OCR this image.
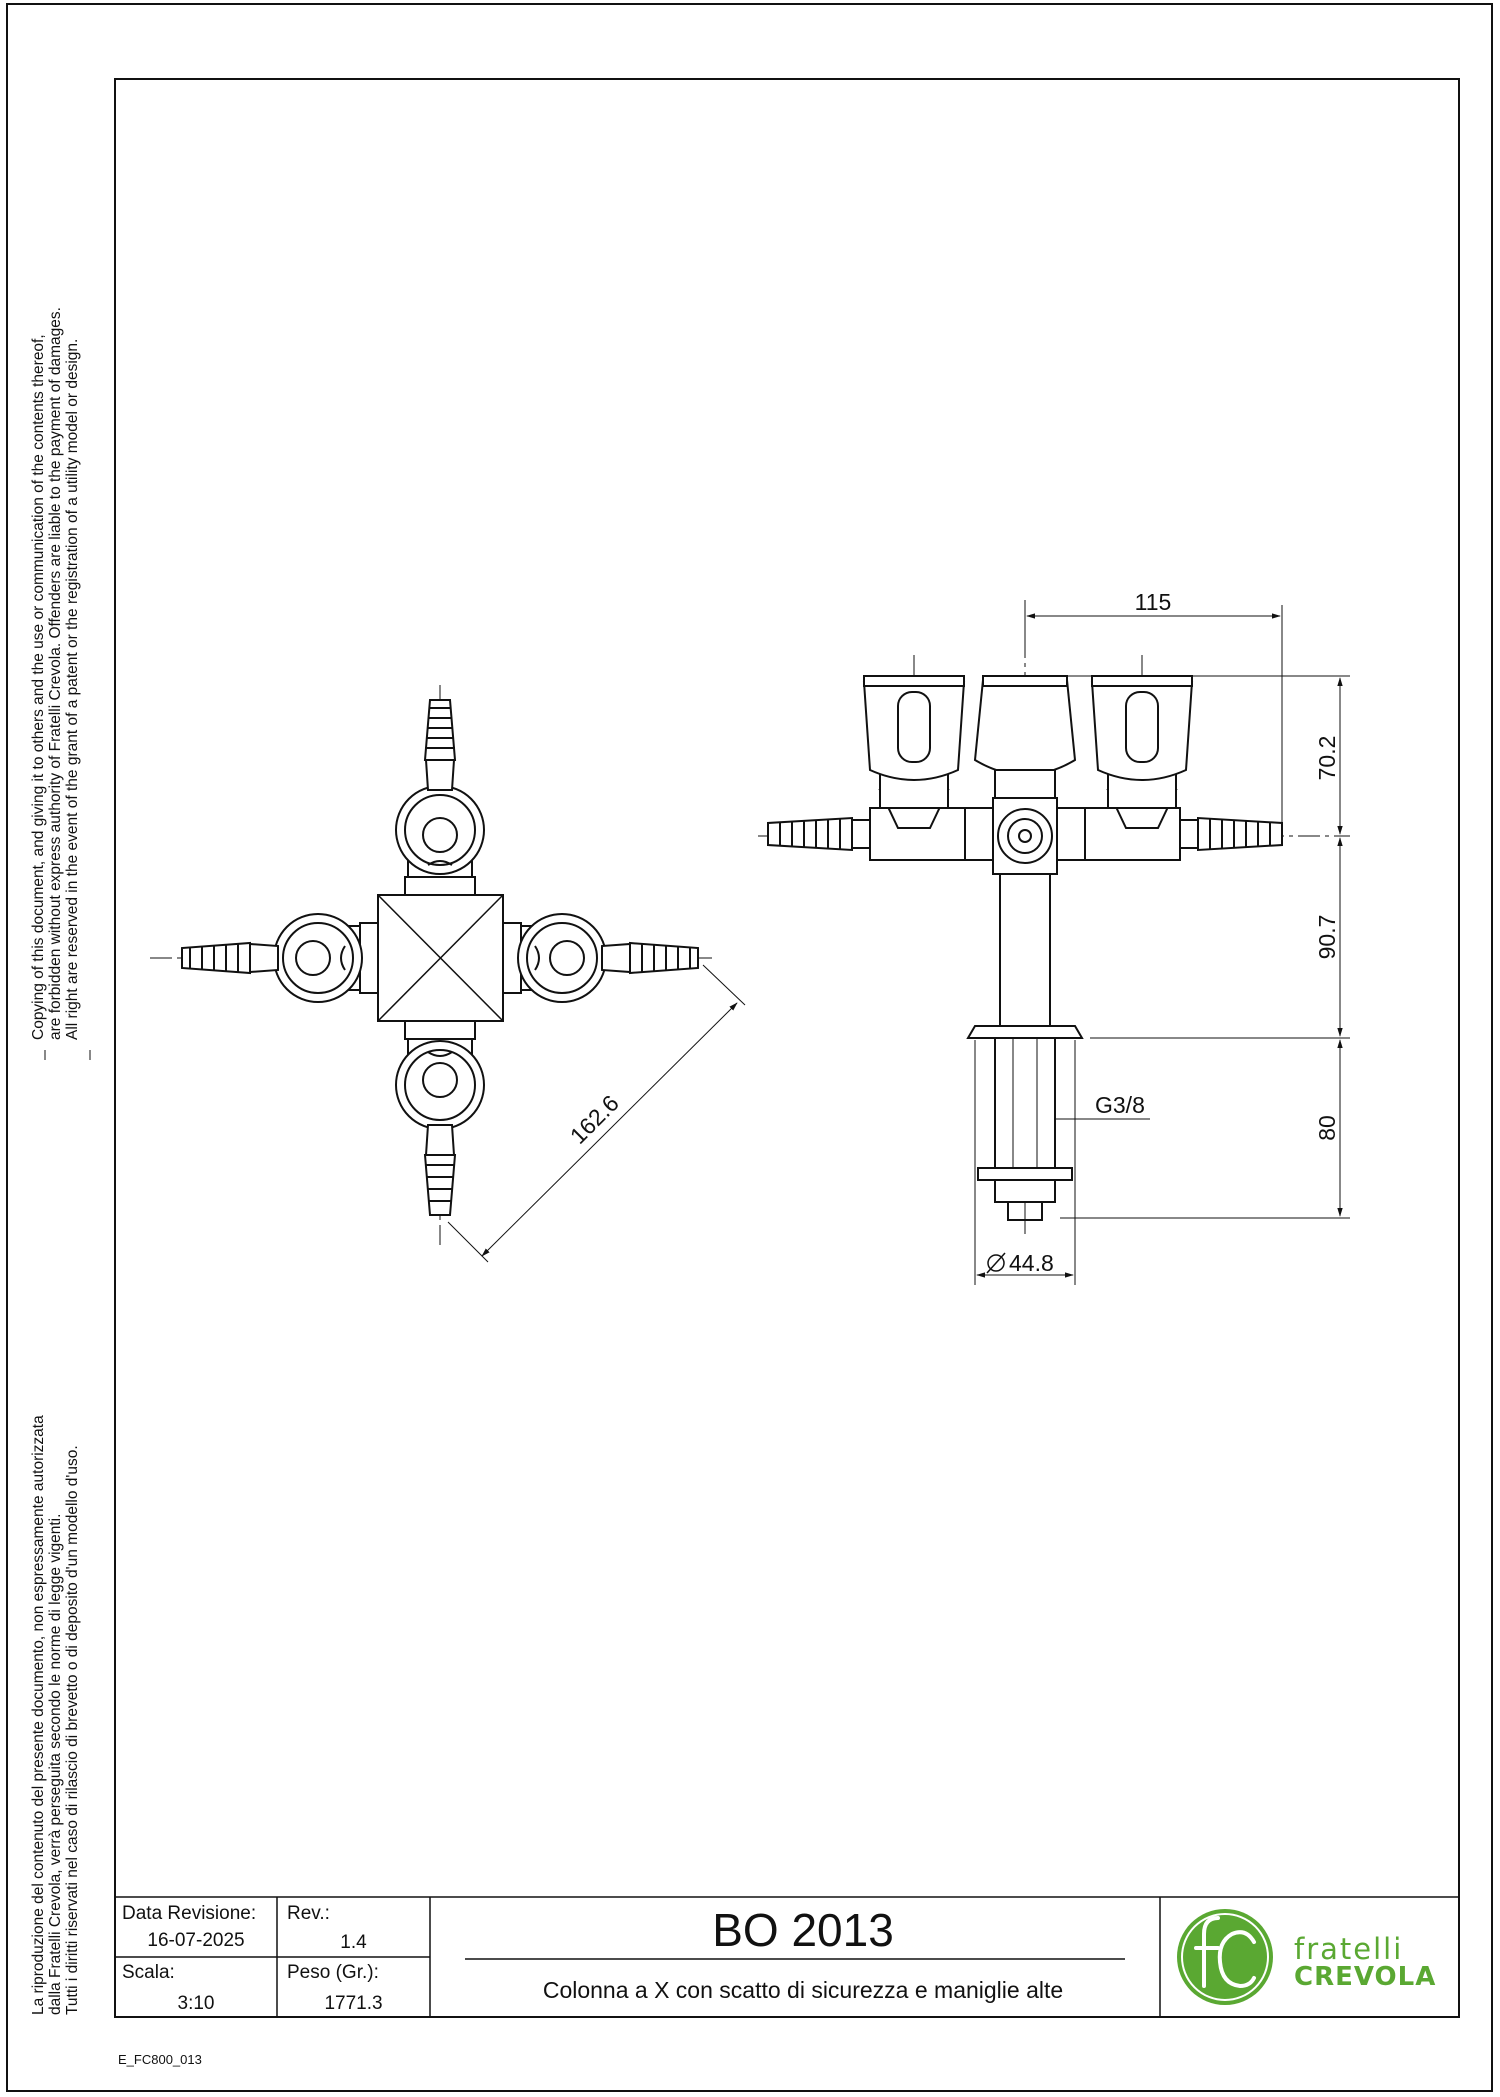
115
70.2
90.7
80
G3/8
44.8
162.6
Copying of this document, and giving it to others and the use or communication of the contents thereof, are forbidden without express authority of Fratelli Crevola. Offenders are liable to the payment of damages. All right are reserved in the event of the grant of a patent or the registration of a utility model or design.
La riproduzione del contenuto del presente documento, non espressamente autorizzata dalla Fratelli Crevola, verrà perseguita secondo le norme di legge vigenti. Tutti i diritti riservati nel caso di rilascio di brevetto o di deposito d'un modello d'uso. Data Revisione:
16-07-2025
Rev.:
1.4
Scala:
3:10
Peso (Gr.):
1771.3
BO 2013
Colonna a X con scatto di sicurezza e maniglie alte
fratelli
CREVOLA
E_FC800_013
